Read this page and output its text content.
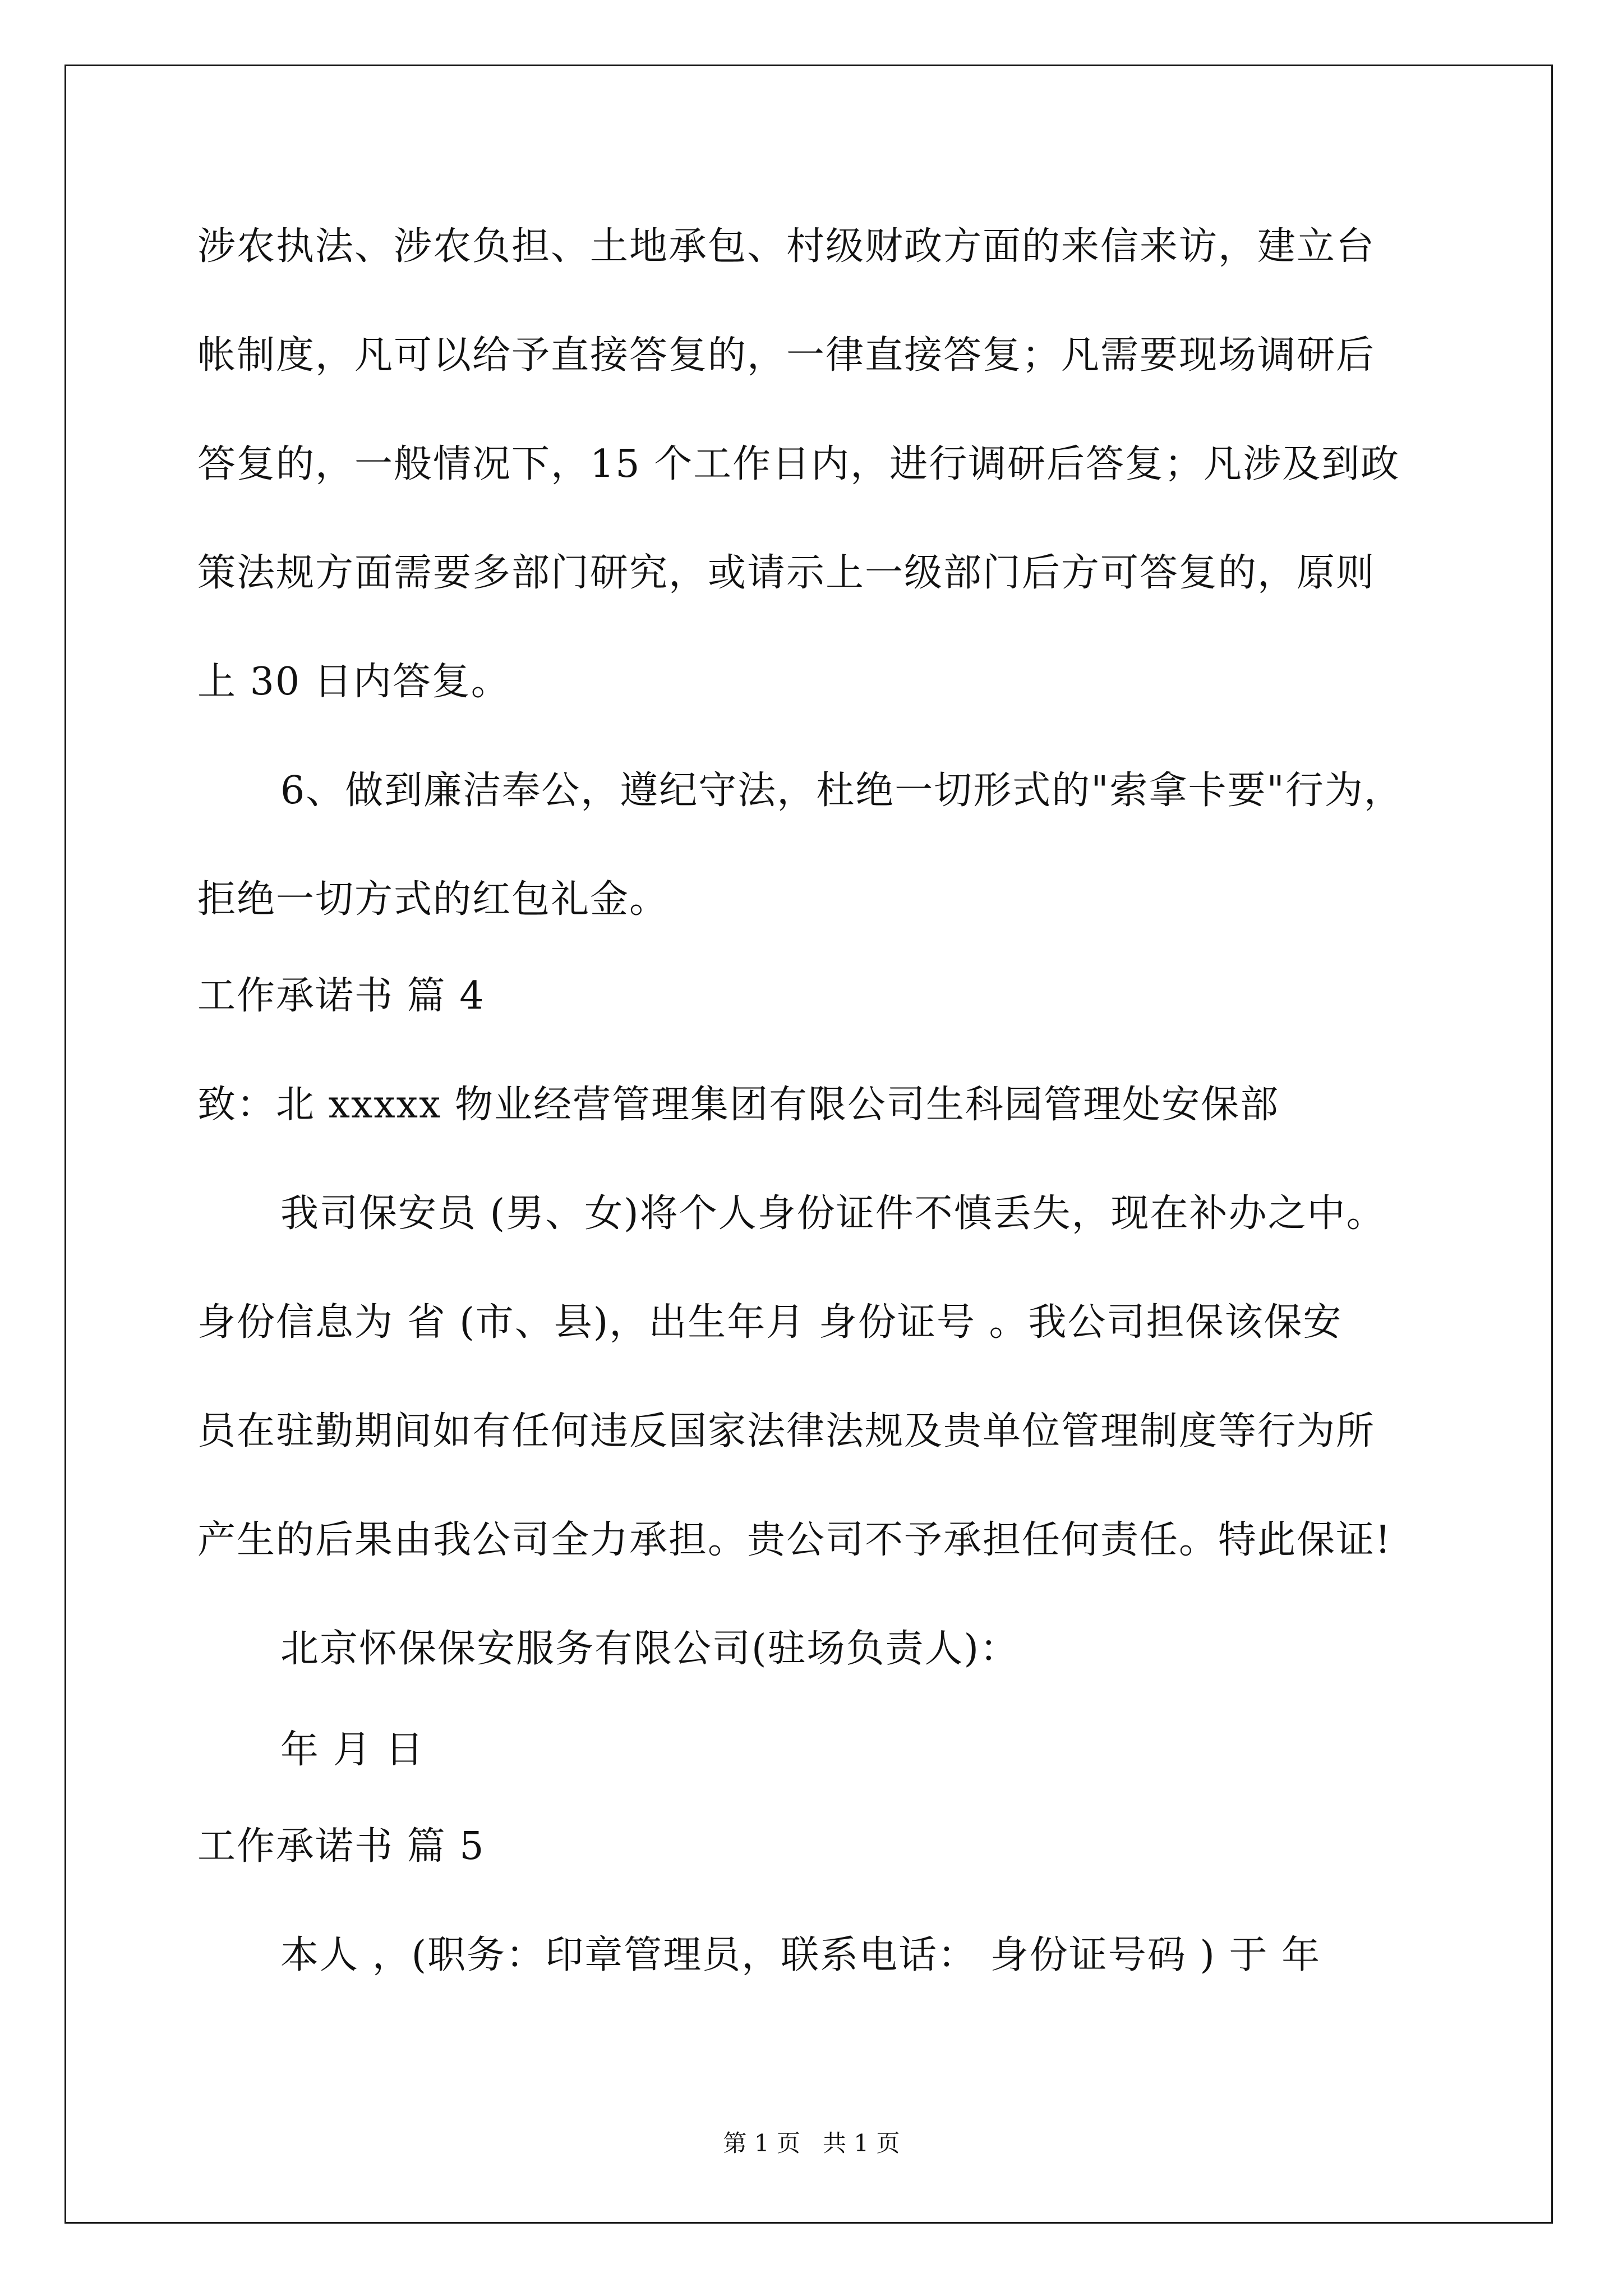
涉农执法、涉农负担、土地承包、村级财政方面的来信来访，建立台
帐制度，凡可以给予直接答复的，一律直接答复；凡需要现场调研后
答复的，一般情况下，15 个工作日内，进行调研后答复；凡涉及到政
策法规方面需要多部门研究，或请示上一级部门后方可答复的，原则
上 30 日内答复。
6、做到廉洁奉公，遵纪守法，杜绝一切形式的"索拿卡要"行为，
拒绝一切方式的红包礼金。
工作承诺书 篇 4
致：北 xxxxx 物业经营管理集团有限公司生科园管理处安保部
我司保安员 (男、女)将个人身份证件不慎丢失，现在补办之中。
身份信息为 省 (市、县)，出生年月 身份证号 。我公司担保该保安
员在驻勤期间如有任何违反国家法律法规及贵单位管理制度等行为所
产生的后果由我公司全力承担。贵公司不予承担任何责任。特此保证!
北京怀保保安服务有限公司(驻场负责人)：
年 月 日
工作承诺书 篇 5
本人 ，(职务：印章管理员，联系电话： 身份证号码 ) 于 年
第 1 页   共 1 页
